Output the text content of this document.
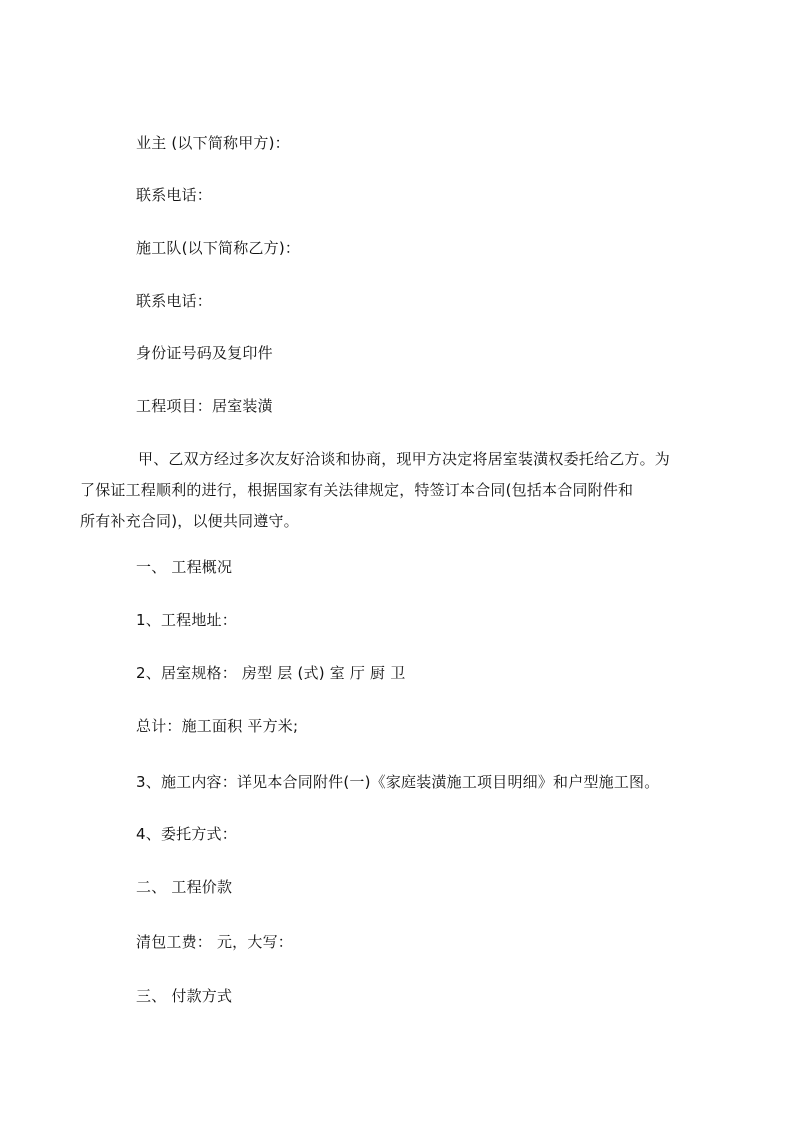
业主 (以下简称甲方)：
联系电话：
施工队(以下简称乙方)：
联系电话：
身份证号码及复印件
工程项目：居室装潢
甲、乙双方经过多次友好洽谈和协商，现甲方决定将居室装潢权委托给乙方。为
了保证工程顺利的进行，根据国家有关法律规定，特签订本合同(包括本合同附件和
所有补充合同)，以便共同遵守。
一、 工程概况
1、工程地址：
2、居室规格： 房型 层 (式) 室 厅 厨 卫
总计：施工面积 平方米;
3、施工内容：详见本合同附件(一)《家庭装潢施工项目明细》和户型施工图。
4、委托方式：
二、 工程价款
清包工费： 元，大写：
三、 付款方式
